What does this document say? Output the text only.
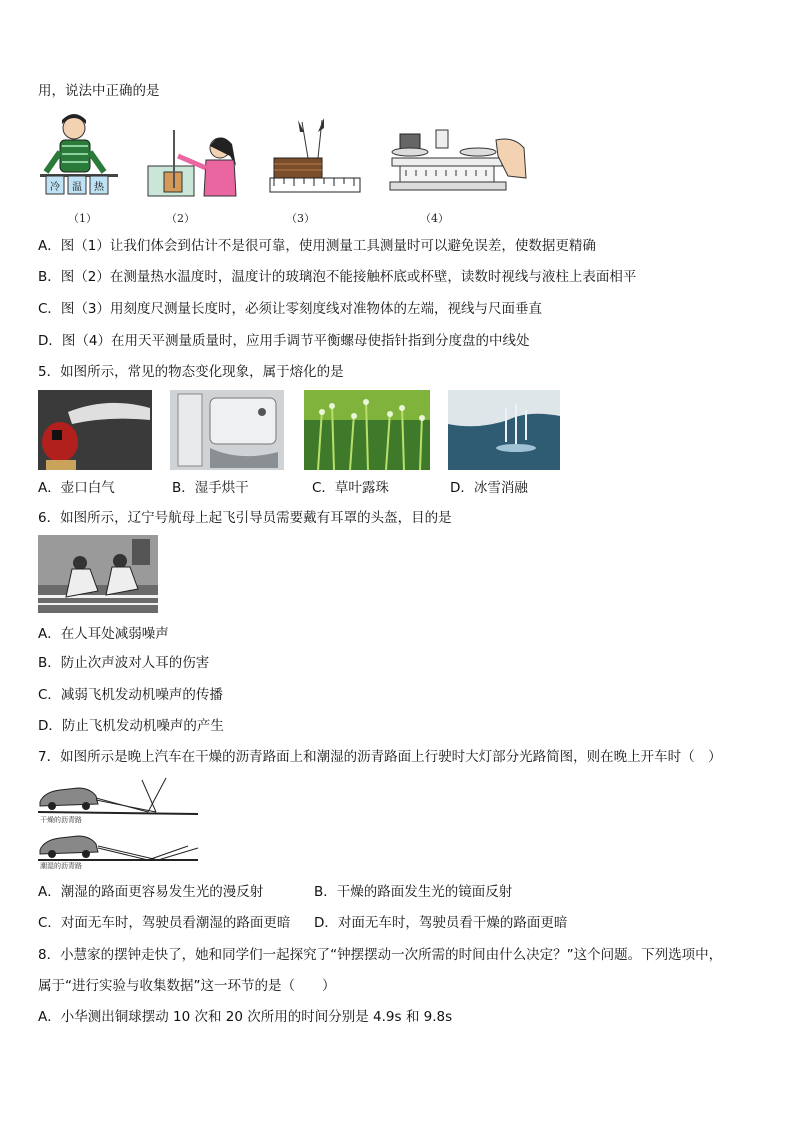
用，说法中正确的是
冷 温 热
（1）	（2）	（3）	（4）
A．图（1）让我们体会到估计不是很可靠，使用测量工具测量时可以避免误差，使数据更精确
B．图（2）在测量热水温度时，温度计的玻璃泡不能接触杯底或杯壁，读数时视线与液柱上表面相平
C．图（3）用刻度尺测量长度时，必须让零刻度线对准物体的左端，视线与尺面垂直
D．图（4）在用天平测量质量时，应用手调节平衡螺母使指针指到分度盘的中线处
5．如图所示，常见的物态变化现象，属于熔化的是
A．壶口白气	B．湿手烘干	C．草叶露珠	D．冰雪消融
6．如图所示，辽宁号航母上起飞引导员需要戴有耳罩的头盔，目的是
A．在人耳处减弱噪声
B．防止次声波对人耳的伤害
C．减弱飞机发动机噪声的传播
D．防止飞机发动机噪声的产生
7．如图所示是晚上汽车在干燥的沥青路面上和潮湿的沥青路面上行驶时大灯部分光路简图，则在晚上开车时（　）
干燥的沥青路
潮湿的沥青路
A．潮湿的路面更容易发生光的漫反射	B．干燥的路面发生光的镜面反射
C．对面无车时，驾驶员看潮湿的路面更暗 D．对面无车时，驾驶员看干燥的路面更暗
8．小慧家的摆钟走快了，她和同学们一起探究了“钟摆摆动一次所需的时间由什么决定？”这个问题。下列选项中，
属于“进行实验与收集数据”这一环节的是（　　）
A．小华测出铜球摆动 10 次和 20 次所用的时间分别是 4.9s 和 9.8s
